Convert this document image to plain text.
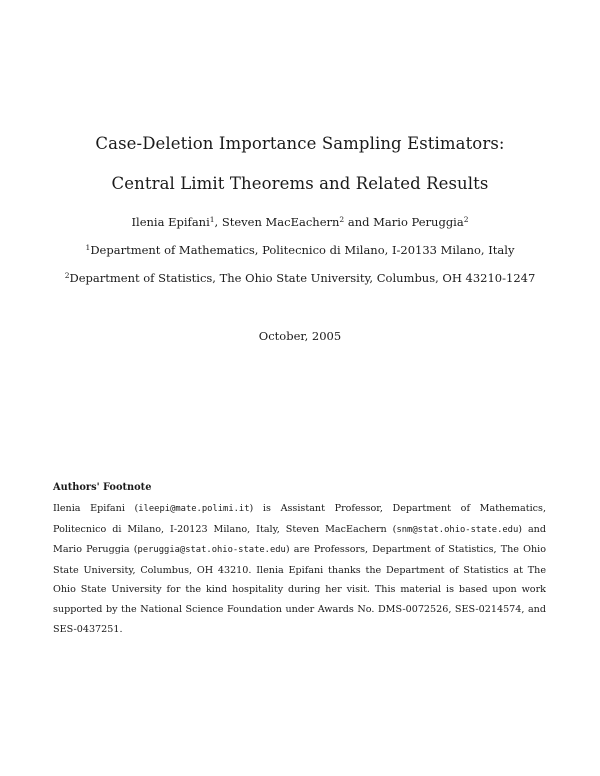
Case-Deletion Importance Sampling Estimators:
Central Limit Theorems and Related Results
Ilenia Epifani$^1$, Steven MacEachern$^2$ and Mario Peruggia$^2$
$^1$Department of Mathematics, Politecnico di Milano, I-20133 Milano, Italy
$^2$Department of Statistics, The Ohio State University, Columbus, OH 43210-1247
October, 2005
Authors' Footnote
Ilenia Epifani (ileepi@mate.polimi.it) is Assistant Professor, Department of Mathematics, Politecnico di Milano, I-20123 Milano, Italy, Steven MacEachern (snm@stat.ohio-state.edu) and Mario Peruggia (peruggia@stat.ohio-state.edu) are Professors, Department of Statistics, The Ohio State University, Columbus, OH 43210. Ilenia Epifani thanks the Department of Statistics at The Ohio State University for the kind hospitality during her visit. This material is based upon work supported by the National Science Foundation under Awards No. DMS-0072526, SES-0214574, and SES-0437251.
